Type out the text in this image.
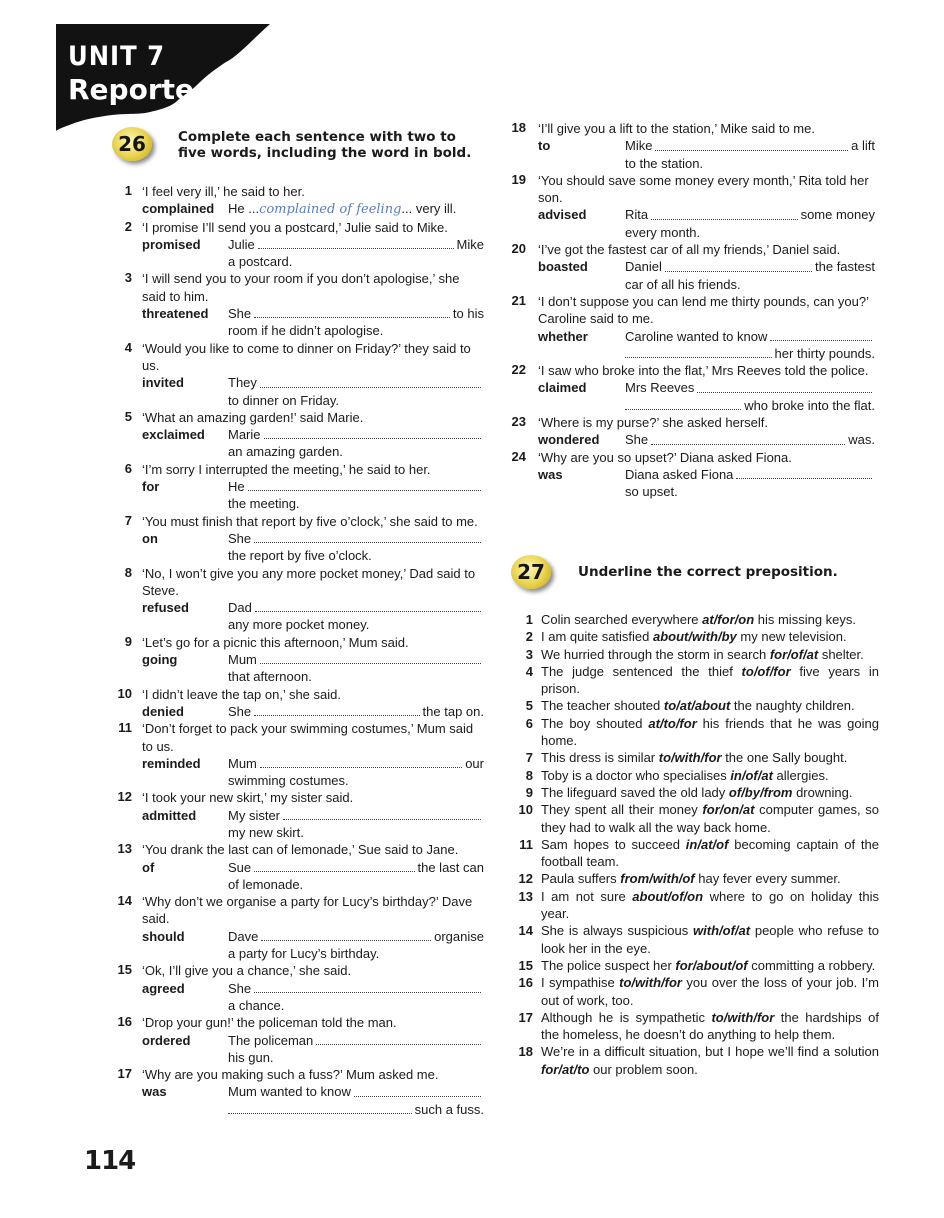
UNIT 7
Reported Speech
26	Complete each sentence with two to five words, including the word in bold.
1 ‘I feel very ill,’ he said to her.
complained He ...complained of feeling... very ill.
2 ‘I promise I’ll send you a postcard,’ Julie said to Mike.
promised Julie	Mike
a postcard.
3 ‘I will send you to your room if you don’t apologise,’ she said to him.
threatened She	to his
room if he didn’t apologise.
4 ‘Would you like to come to dinner on Friday?’ they said to us.
invited	They
to dinner on Friday.
5 ‘What an amazing garden!’ said Marie.
exclaimed Marie
an amazing garden.
6 ‘I’m sorry I interrupted the meeting,’ he said to her.
for	He
the meeting.
7 ‘You must finish that report by five o’clock,’ she said to me.
on	She
the report by five o’clock.
8 ‘No, I won’t give you any more pocket money,’ Dad said to Steve.
refused	Dad
any more pocket money.
9 ‘Let’s go for a picnic this afternoon,’ Mum said.
going	Mum
that afternoon.
10 ‘I didn’t leave the tap on,’ she said.
denied	She	the tap on.
11 ‘Don’t forget to pack your swimming costumes,’ Mum said to us.
reminded Mum	our
swimming costumes.
12 ‘I took your new skirt,’ my sister said.
admitted My sister
my new skirt.
13 ‘You drank the last can of lemonade,’ Sue said to Jane.
of	Sue	the last can
of lemonade.
14 ‘Why don’t we organise a party for Lucy’s birthday?’ Dave said.
should	Dave	organise
a party for Lucy’s birthday.
15 ‘Ok, I’ll give you a chance,’ she said.
agreed	She
a chance.
16 ‘Drop your gun!’ the policeman told the man.
ordered	The policeman
his gun.
17 ‘Why are you making such a fuss?’ Mum asked me.
was	Mum wanted to know
such a fuss.
18 ‘I’ll give you a lift to the station,’ Mike said to me.
to	Mike	a lift
to the station.
19 ‘You should save some money every month,’ Rita told her son.
advised	Rita	some money
every month.
20 ‘I’ve got the fastest car of all my friends,’ Daniel said.
boasted	Daniel	the fastest
car of all his friends.
21 ‘I don’t suppose you can lend me thirty pounds, can you?’ Caroline said to me.
whether	Caroline wanted to know
her thirty pounds.
22 ‘I saw who broke into the flat,’ Mrs Reeves told the police.
claimed	Mrs Reeves
who broke into the flat.
23 ‘Where is my purse?’ she asked herself.
wondered She	was.
24 ‘Why are you so upset?’ Diana asked Fiona.
was	Diana asked Fiona
so upset.
27	Underline the correct preposition.
1 Colin searched everywhere at/for/on his missing keys.
2 I am quite satisfied about/with/by my new television.
3 We hurried through the storm in search for/of/at shelter.
4 The judge sentenced the thief to/of/for five years in prison.
5 The teacher shouted to/at/about the naughty children.
6 The boy shouted at/to/for his friends that he was going home.
7 This dress is similar to/with/for the one Sally bought.
8 Toby is a doctor who specialises in/of/at allergies.
9 The lifeguard saved the old lady of/by/from drowning.
10 They spent all their money for/on/at computer games, so they had to walk all the way back home.
11 Sam hopes to succeed in/at/of becoming captain of the football team.
12 Paula suffers from/with/of hay fever every summer.
13 I am not sure about/of/on where to go on holiday this year.
14 She is always suspicious with/of/at people who refuse to look her in the eye.
15 The police suspect her for/about/of committing a robbery.
16 I sympathise to/with/for you over the loss of your job. I’m out of work, too.
17 Although he is sympathetic to/with/for the hardships of the homeless, he doesn’t do anything to help them.
18 We’re in a difficult situation, but I hope we’ll find a solution for/at/to our problem soon.
114
